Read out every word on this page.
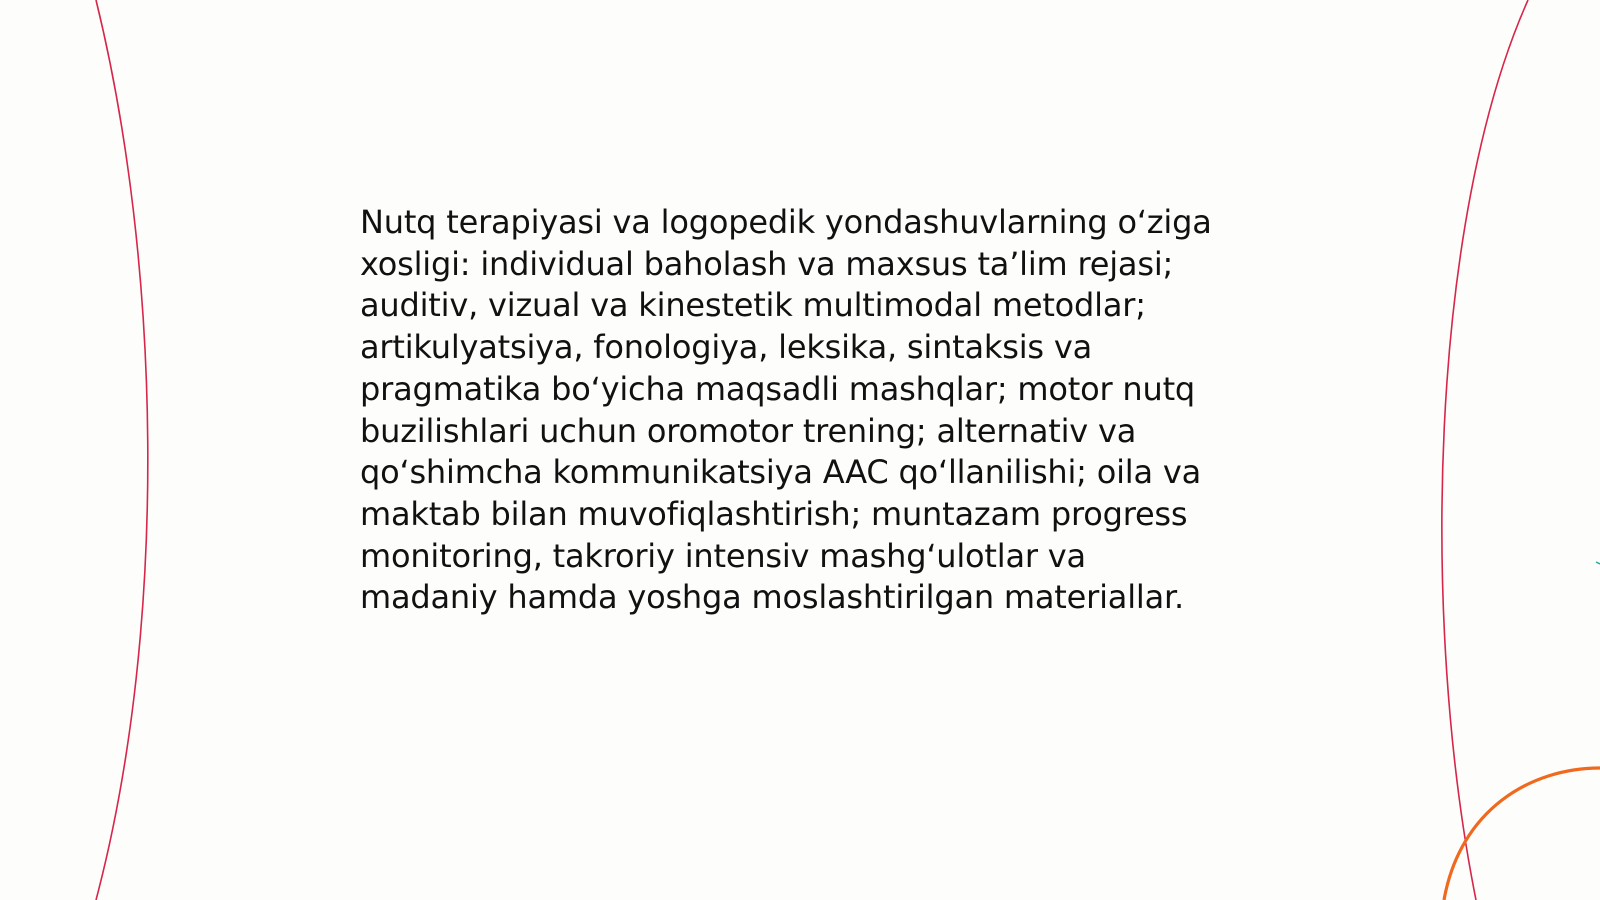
Nutq terapiyasi va logopedik yondashuvlarning o‘ziga
xosligi: individual baholash va maxsus ta’lim rejasi;
auditiv, vizual va kinestetik multimodal metodlar;
artikulyatsiya, fonologiya, leksika, sintaksis va
pragmatika bo‘yicha maqsadli mashqlar; motor nutq
buzilishlari uchun oromotor trening; alternativ va
qo‘shimcha kommunikatsiya AAC qo‘llanilishi; oila va
maktab bilan muvofiqlashtirish; muntazam progress
monitoring, takroriy intensiv mashg‘ulotlar va
madaniy hamda yoshga moslashtirilgan materiallar.
